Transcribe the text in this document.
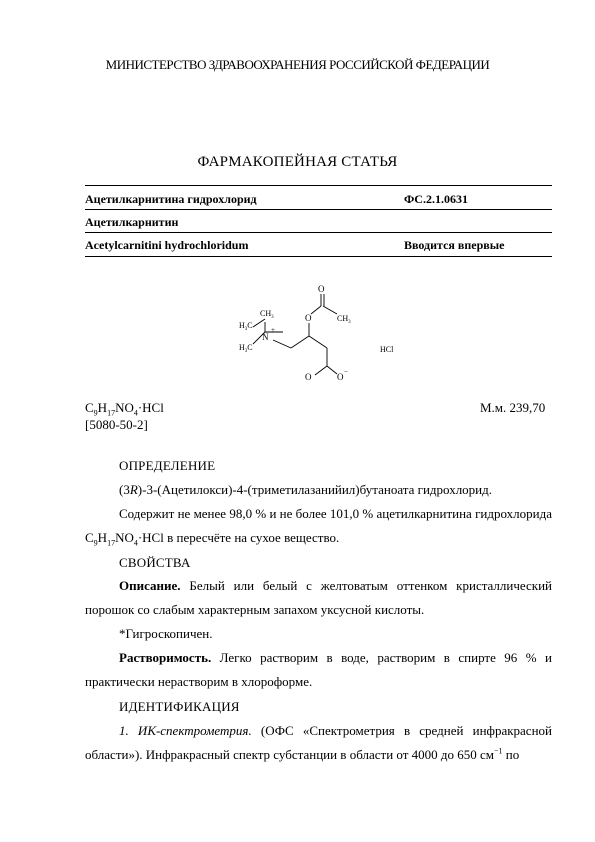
МИНИСТЕРСТВО ЗДРАВООХРАНЕНИЯ РОССИЙСКОЙ ФЕДЕРАЦИИ
ФАРМАКОПЕЙНАЯ СТАТЬЯ
Ацетилкарнитина гидрохлорид	ФС.2.1.0631
Ацетилкарнитин
Acetylcarnitini hydrochloridum	Вводится впервые
$CH_3$
$H_3C$
$H_3C$
N
+
O
O
$CH_3$
O	O −
HCl
$C_9H_{17}NO_4\cdot HCl$	М.м. 239,70
[5080-50-2]
ОПРЕДЕЛЕНИЕ

(3R)-3-(Ацетилокси)-4-(триметилазанийил)бутаноата гидрохлорид.

Содержит не менее 98,0 % и не более 101,0 % ацетилкарнитина гидрохлорида $C_9H_{17}NO_4\cdot HCl$ в пересчёте на сухое вещество.

СВОЙСТВА

Описание. Белый или белый с желтоватым оттенком кристаллический порошок со слабым характерным запахом уксусной кислоты.

*Гигроскопичен.

Растворимость. Легко растворим в воде, растворим в спирте 96 % и практически нерастворим в хлороформе.

ИДЕНТИФИКАЦИЯ

1. ИК-спектрометрия. (ОФС «Спектрометрия в средней инфракрасной области»). Инфракрасный спектр субстанции в области от 4000 до 650 $см^{-1}$ по
